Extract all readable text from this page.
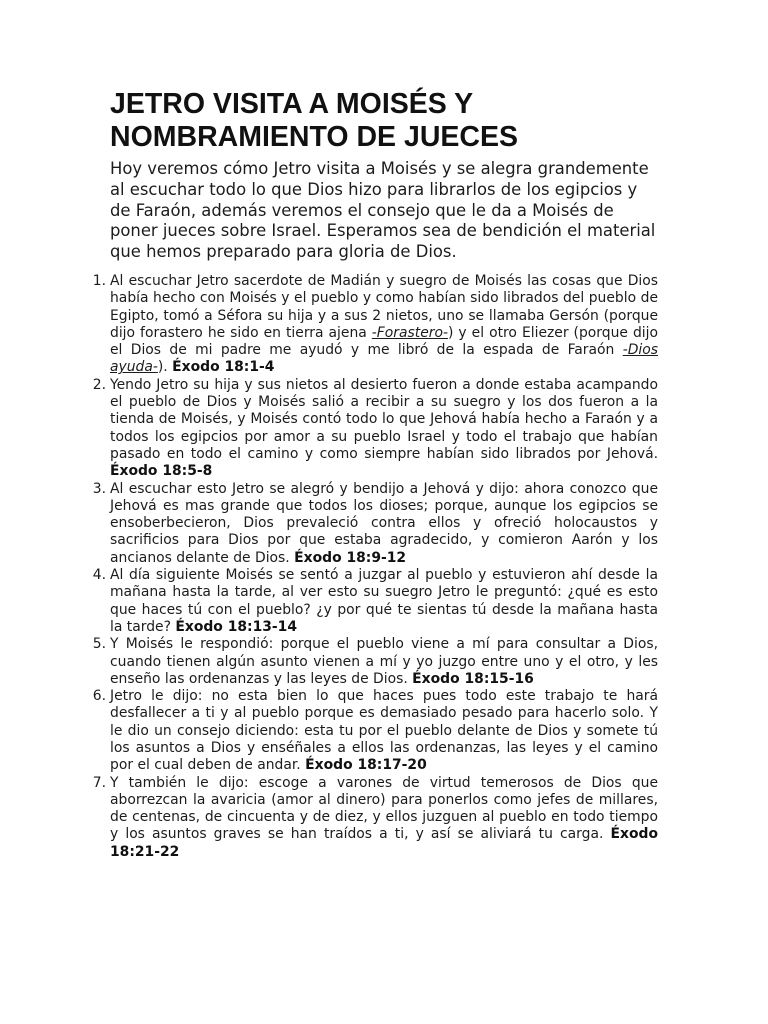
JETRO VISITA A MOISÉS Y
NOMBRAMIENTO DE JUECES

Hoy veremos cómo Jetro visita a Moisés y se alegra grandemente al escuchar todo lo que Dios hizo para librarlos de los egipcios y de Faraón, además veremos el consejo que le da a Moisés de poner jueces sobre Israel. Esperamos sea de bendición el material que hemos preparado para gloria de Dios.

1. Al escuchar Jetro sacerdote de Madián y suegro de Moisés las cosas que Dios había hecho con Moisés y el pueblo y como habían sido librados del pueblo de Egipto, tomó a Séfora su hija y a sus 2 nietos, uno se llamaba Gersón (porque dijo forastero he sido en tierra ajena -Forastero-) y el otro Eliezer (porque dijo el Dios de mi padre me ayudó y me libró de la espada de Faraón -Dios ayuda-). Éxodo 18:1-4
2. Yendo Jetro su hija y sus nietos al desierto fueron a donde estaba acampando el pueblo de Dios y Moisés salió a recibir a su suegro y los dos fueron a la tienda de Moisés, y Moisés contó todo lo que Jehová había hecho a Faraón y a todos los egipcios por amor a su pueblo Israel y todo el trabajo que habían pasado en todo el camino y como siempre habían sido librados por Jehová. Éxodo 18:5-8
3. Al escuchar esto Jetro se alegró y bendijo a Jehová y dijo: ahora conozco que Jehová es mas grande que todos los dioses; porque, aunque los egipcios se ensoberbecieron, Dios prevaleció contra ellos y ofreció holocaustos y sacrificios para Dios por que estaba agradecido, y comieron Aarón y los ancianos delante de Dios. Éxodo 18:9-12
4. Al día siguiente Moisés se sentó a juzgar al pueblo y estuvieron ahí desde la mañana hasta la tarde, al ver esto su suegro Jetro le preguntó: ¿qué es esto que haces tú con el pueblo? ¿y por qué te sientas tú desde la mañana hasta la tarde? Éxodo 18:13-14
5. Y Moisés le respondió: porque el pueblo viene a mí para consultar a Dios, cuando tienen algún asunto vienen a mí y yo juzgo entre uno y el otro, y les enseño las ordenanzas y las leyes de Dios. Éxodo 18:15-16
6. Jetro le dijo: no esta bien lo que haces pues todo este trabajo te hará desfallecer a ti y al pueblo porque es demasiado pesado para hacerlo solo. Y le dio un consejo diciendo: esta tu por el pueblo delante de Dios y somete tú los asuntos a Dios y enséñales a ellos las ordenanzas, las leyes y el camino por el cual deben de andar. Éxodo 18:17-20
7. Y también le dijo: escoge a varones de virtud temerosos de Dios que aborrezcan la avaricia (amor al dinero) para ponerlos como jefes de millares, de centenas, de cincuenta y de diez, y ellos juzguen al pueblo en todo tiempo y los asuntos graves se han traídos a ti, y así se aliviará tu carga. Éxodo 18:21-22
